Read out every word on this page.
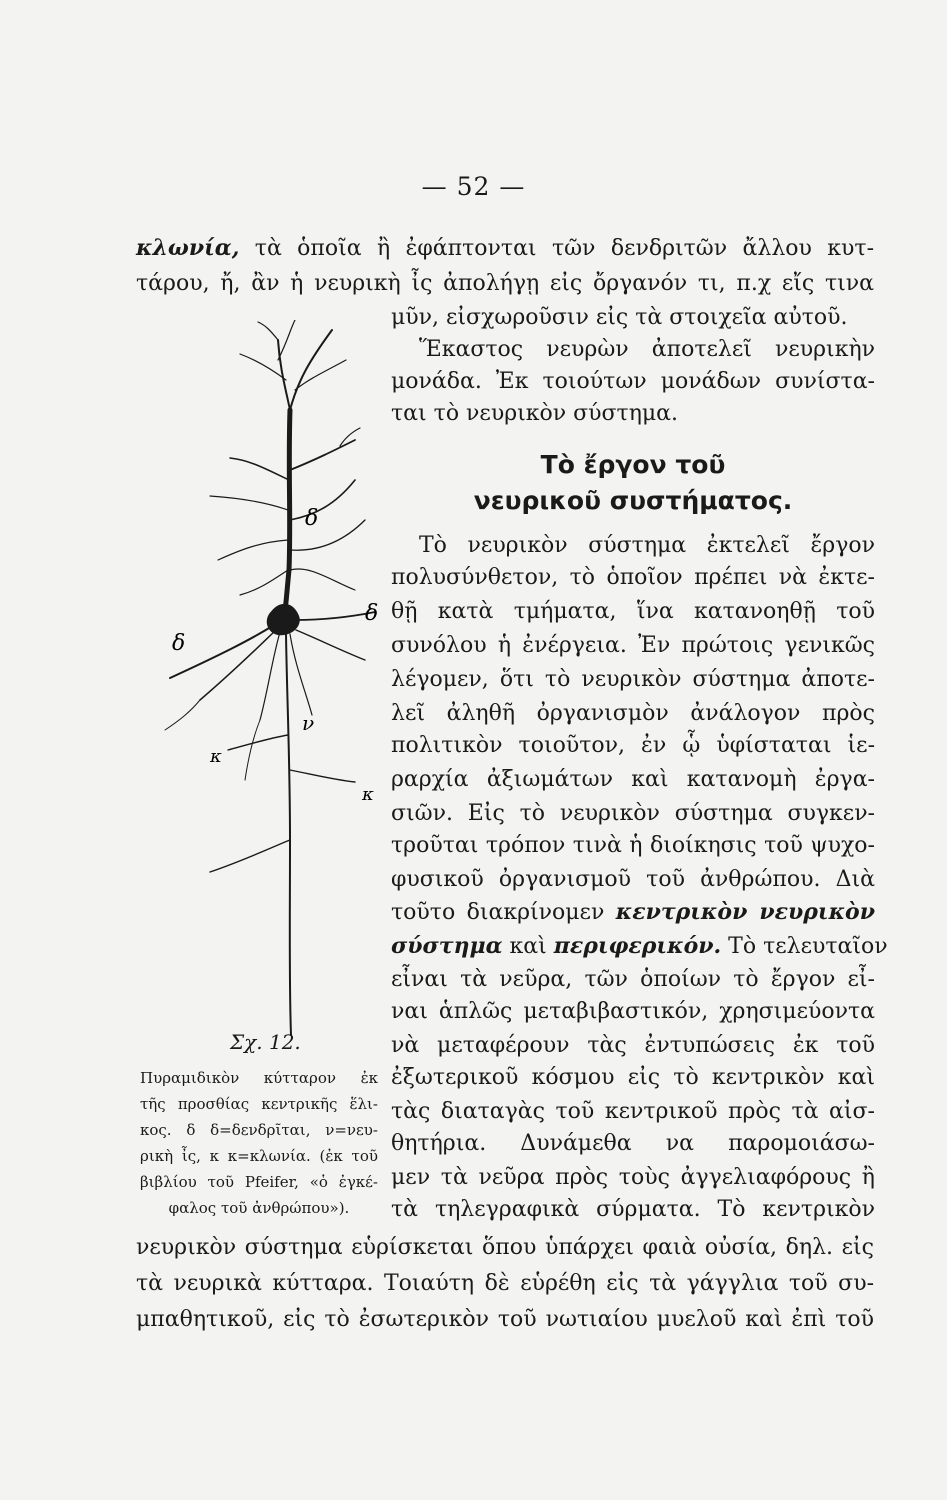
— 52 —
κλωνία, τὰ ὁποῖα ἢ ἐφάπτονται τῶν δενδριτῶν ἄλλου κυτ-
τάρου, ἤ, ἂν ἡ νευρικὴ ἶς ἀπολήγῃ εἰς ὄργανόν τι, π.χ εἴς τινα
μῦν, εἰσχωροῦσιν εἰς τὰ στοιχεῖα αὐτοῦ.
Ἕκαστος νευρὼν ἀποτελεῖ νευρικὴν
μονάδα. Ἐκ τοιούτων μονάδων συνίστα-
ται τὸ νευρικὸν σύστημα.
Τὸ ἔργον τοῦ
νευρικοῦ συστήματος.
Τὸ νευρικὸν σύστημα ἐκτελεῖ ἔργον
πολυσύνθετον, τὸ ὁποῖον πρέπει νὰ ἐκτε-
θῇ κατὰ τμήματα, ἵνα κατανοηθῇ τοῦ
συνόλου ἡ ἐνέργεια. Ἐν πρώτοις γενικῶς
λέγομεν, ὅτι τὸ νευρικὸν σύστημα ἀποτε-
λεῖ ἀληθῆ ὀργανισμὸν ἀνάλογον πρὸς
πολιτικὸν τοιοῦτον, ἐν ᾧ ὑφίσταται ἱε-
ραρχία ἀξιωμάτων καὶ κατανομὴ ἐργα-
σιῶν. Εἰς τὸ νευρικὸν σύστημα συγκεν-
τροῦται τρόπον τινὰ ἡ διοίκησις τοῦ ψυχο-
φυσικοῦ ὀργανισμοῦ τοῦ ἀνθρώπου. Διὰ
τοῦτο διακρίνομεν κεντρικὸν νευρικὸν
σύστημα καὶ περιφερικόν. Τὸ τελευταῖον
εἶναι τὰ νεῦρα, τῶν ὁποίων τὸ ἔργον εἶ-
ναι ἁπλῶς μεταβιβαστικόν, χρησιμεύοντα
νὰ μεταφέρουν τὰς ἐντυπώσεις ἐκ τοῦ
ἐξωτερικοῦ κόσμου εἰς τὸ κεντρικὸν καὶ
τὰς διαταγὰς τοῦ κεντρικοῦ πρὸς τὰ αἰσ-
θητήρια. Δυνάμεθα να παρομοιάσω-
μεν τὰ νεῦρα πρὸς τοὺς ἀγγελιαφόρους ἢ
τὰ τηλεγραφικὰ σύρματα. Τὸ κεντρικὸν
νευρικὸν σύστημα εὑρίσκεται ὅπου ὑπάρχει φαιὰ οὐσία, δηλ. εἰς
τὰ νευρικὰ κύτταρα. Τοιαύτη δὲ εὑρέθη εἰς τὰ γάγγλια τοῦ συ-
μπαθητικοῦ, εἰς τὸ ἐσωτερικὸν τοῦ νωτιαίου μυελοῦ καὶ ἐπὶ τοῦ
δ
δ
δ
ν
κ
κ
Σχ. 12.
Πυραμιδικὸν κύτταρον ἐκ
τῆς προσθίας κεντρικῆς ἕλι-
κος. δ δ=δενδρῖται, ν=νευ-
ρικὴ ἶς, κ κ=κλωνία. (ἐκ τοῦ
βιβλίου τοῦ Pfeifer, «ὁ ἐγκέ-
φαλος τοῦ ἀνθρώπου»).
